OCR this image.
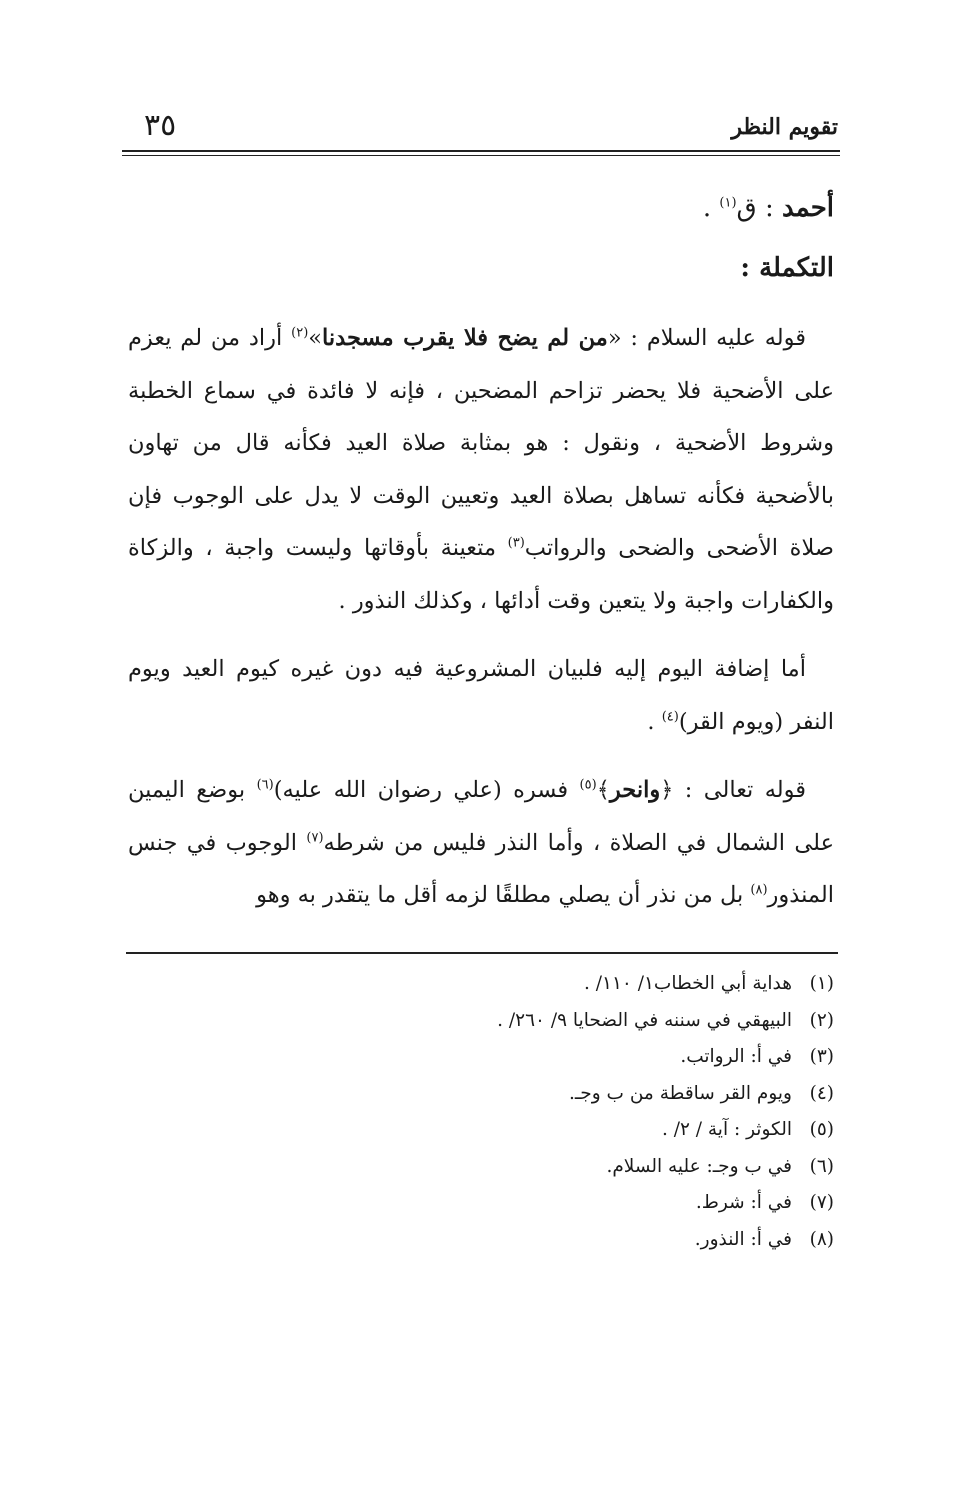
تقويم النظر
٣٥

أحمد : ق$^{(١)}$ .

التكملة :

قوله عليه السلام : «من لم يضح فلا يقرب مسجدنا»$^{(٢)}$ أراد من لم يعزم على الأضحية فلا يحضر تزاحم المضحين ، فإنه لا فائدة في سماع الخطبة وشروط الأضحية ، ونقول : هو بمثابة صلاة العيد فكأنه قال من تهاون بالأضحية فكأنه تساهل بصلاة العيد وتعيين الوقت لا يدل على الوجوب فإن صلاة الأضحى والضحى والرواتب$^{(٣)}$ متعينة بأوقاتها وليست واجبة ، والزكاة والكفارات واجبة ولا يتعين وقت أدائها ، وكذلك النذور .

أما إضافة اليوم إليه فلبيان المشروعية فيه دون غيره كيوم العيد ويوم النفر (ويوم القر)$^{(٤)}$ .

قوله تعالى : ﴿وانحر﴾$^{(٥)}$ فسره (علي رضوان الله عليه)$^{(٦)}$ بوضع اليمين على الشمال في الصلاة ، وأما النذر فليس من شرطه$^{(٧)}$ الوجوب في جنس المنذور$^{(٨)}$ بل من نذر أن يصلي مطلقًا لزمه أقل ما يتقدر به وهو

(١)هداية أبي الخطاب١/ ١١٠/ .

(٢)البيهقي في سننه في الضحايا ٩/ ٢٦٠/ .

(٣)في أ: الرواتب.

(٤)ويوم القر ساقطة من ب وجـ.

(٥)الكوثر : آية / ٢/ .

(٦)في ب وجـ: عليه السلام.

(٧)في أ: شرط.

(٨)في أ: النذور.
